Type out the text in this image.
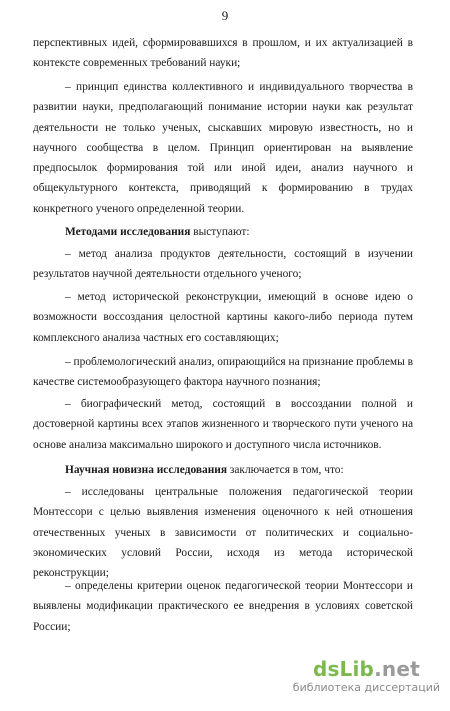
9
перспективных идей, сформировавшихся в прошлом, и их актуализацией в контексте современных требований науки;
– принцип единства коллективного и индивидуального творчества в развитии науки, предполагающий понимание истории науки как результат деятельности не только ученых, сыскавших мировую известность, но и научного сообщества в целом. Принцип ориентирован на выявление предпосылок формирования той или иной идеи, анализ научного и общекультурного контекста, приводящий к формированию в трудах конкретного ученого определенной теории.
Методами исследования выступают:
– метод анализа продуктов деятельности, состоящий в изучении результатов научной деятельности отдельного ученого;
– метод исторической реконструкции, имеющий в основе идею о возможности воссоздания целостной картины какого-либо периода путем комплексного анализа частных его составляющих;
– проблемологический анализ, опирающийся на признание проблемы в качестве системообразующего фактора научного познания;
– биографический метод, состоящий в воссоздании полной и достоверной картины всех этапов жизненного и творческого пути ученого на основе анализа максимально широкого и доступного числа источников.
Научная новизна исследования заключается в том, что:
– исследованы центральные положения педагогической теории Монтессори с целью выявления изменения оценочного к ней отношения отечественных ученых в зависимости от политических и социально-экономических условий России, исходя из метода исторической реконструкции;
– определены критерии оценок педагогической теории Монтессори и выявлены модификации практического ее внедрения в условиях советской России;
dsLib.net
библиотека диссертаций
